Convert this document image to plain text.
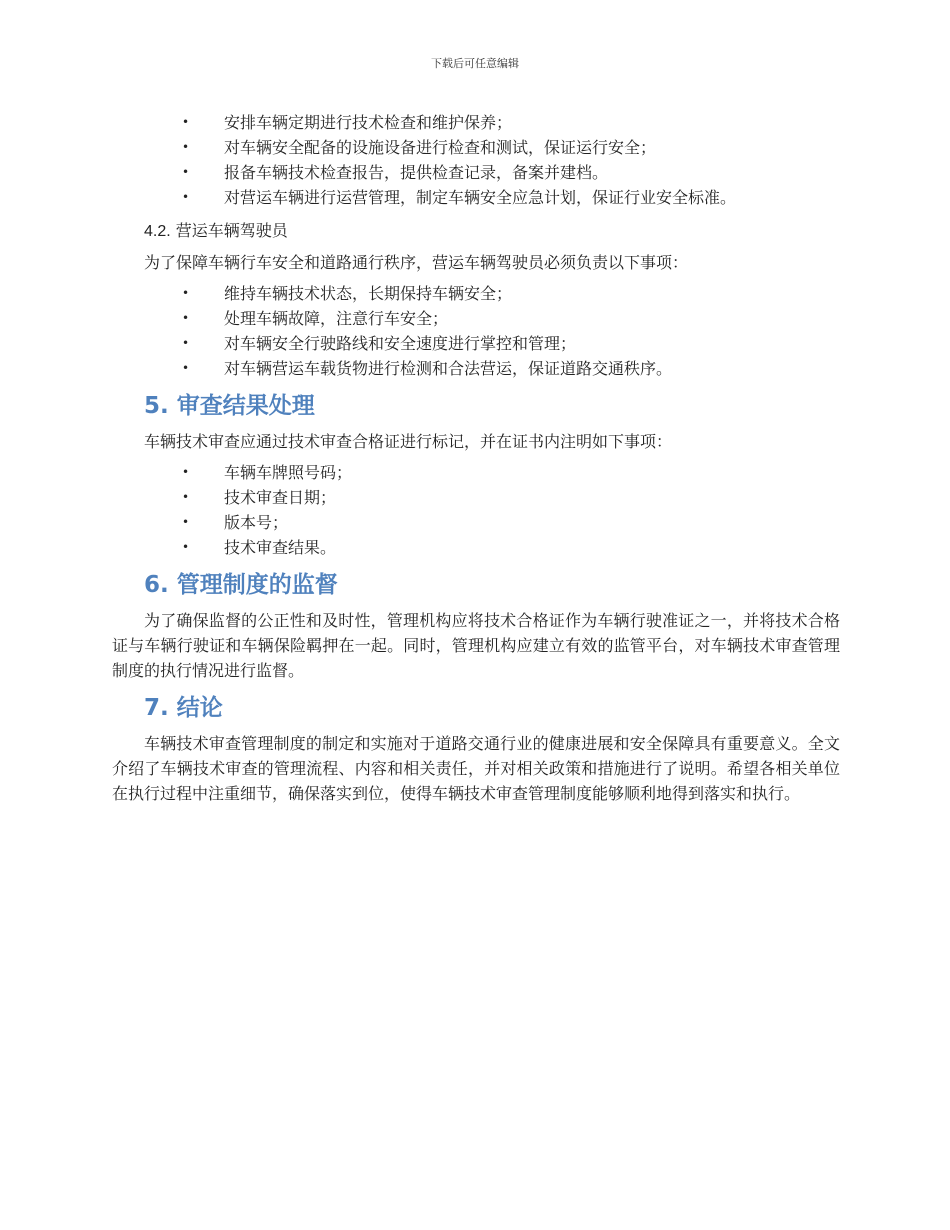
下载后可任意编辑
• 安排车辆定期进行技术检查和维护保养；
• 对车辆安全配备的设施设备进行检查和测试，保证运行安全；
• 报备车辆技术检查报告，提供检查记录，备案并建档。
• 对营运车辆进行运营管理，制定车辆安全应急计划，保证行业安全标准。
4.2. 营运车辆驾驶员
为了保障车辆行车安全和道路通行秩序，营运车辆驾驶员必须负责以下事项：
• 维持车辆技术状态，长期保持车辆安全；
• 处理车辆故障，注意行车安全；
• 对车辆安全行驶路线和安全速度进行掌控和管理；
• 对车辆营运车载货物进行检测和合法营运，保证道路交通秩序。
5. 审查结果处理
车辆技术审查应通过技术审查合格证进行标记，并在证书内注明如下事项：
• 车辆车牌照号码；
• 技术审查日期；
• 版本号；
• 技术审查结果。
6. 管理制度的监督
为了确保监督的公正性和及时性，管理机构应将技术合格证作为车辆行驶准证之一，并将技术合格证与车辆行驶证和车辆保险羁押在一起。同时，管理机构应建立有效的监管平台，对车辆技术审查管理制度的执行情况进行监督。
7. 结论
车辆技术审查管理制度的制定和实施对于道路交通行业的健康进展和安全保障具有重要意义。全文介绍了车辆技术审查的管理流程、内容和相关责任，并对相关政策和措施进行了说明。希望各相关单位在执行过程中注重细节，确保落实到位，使得车辆技术审查管理制度能够顺利地得到落实和执行。
